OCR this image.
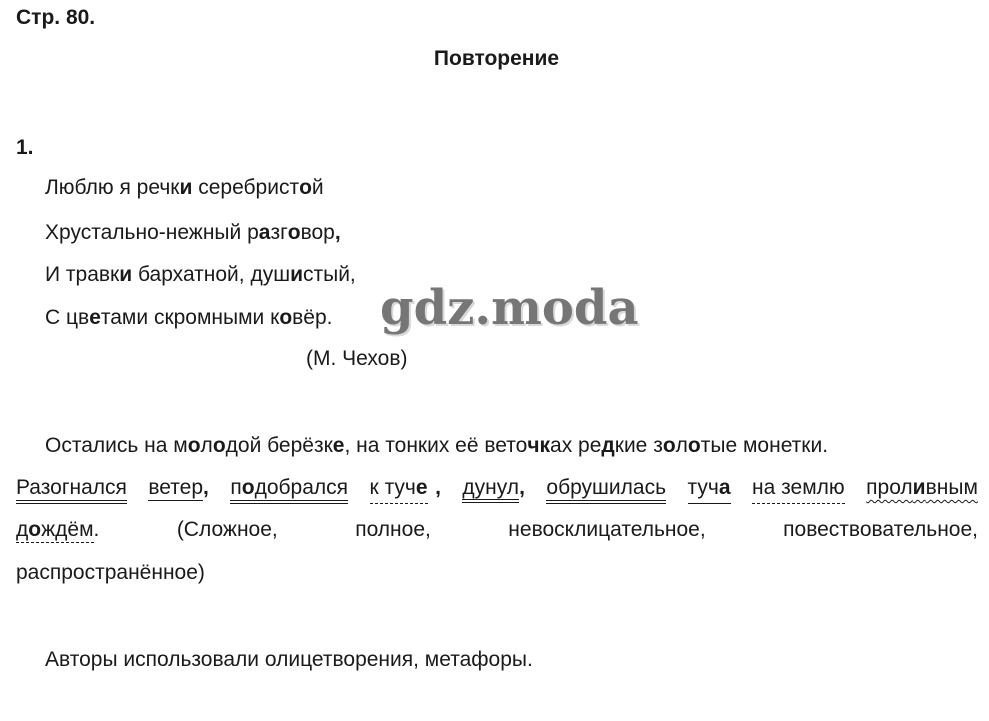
Стр. 80.
Повторение
1.
Люблю я речки серебристой
Хрустально-нежный разговор,
И травки бархатной, душистый,
С цветами скромными ковёр.
(М. Чехов)
gdz.moda
Остались на молодой берёзке, на тонких её веточках редкие золотые монетки.
Разогнался ветер, подобрался к туче , дунул, обрушилась туча на землю проливным
дождём.	(Сложное,	полное,	невосклицательное,	повествовательное,
распространённое)
Авторы использовали олицетворения, метафоры.
